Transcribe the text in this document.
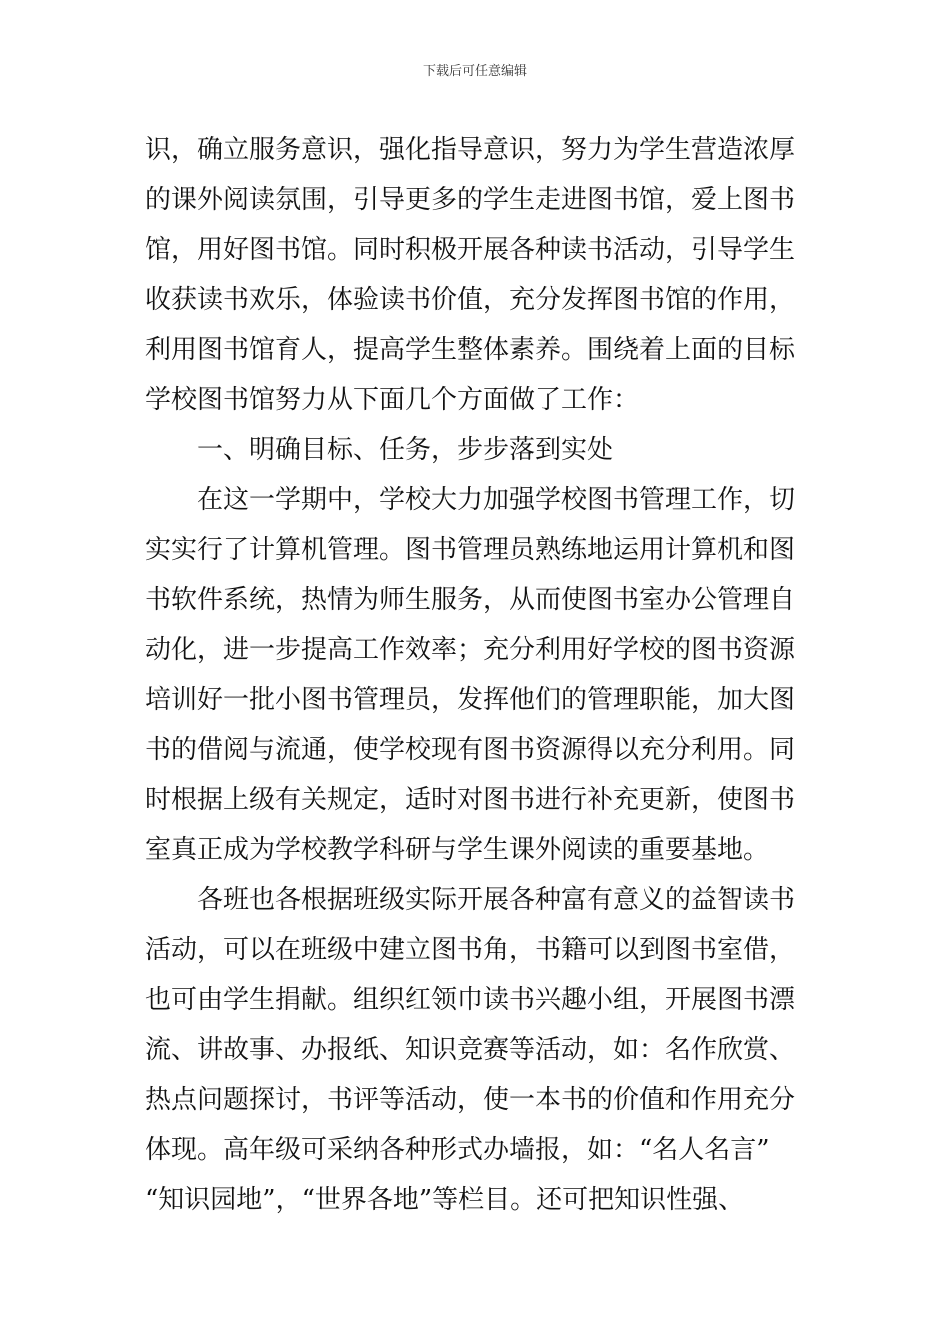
下载后可任意编辑
识，确立服务意识，强化指导意识，努力为学生营造浓厚
的课外阅读氛围，引导更多的学生走进图书馆，爱上图书
馆，用好图书馆。同时积极开展各种读书活动，引导学生
收获读书欢乐，体验读书价值，充分发挥图书馆的作用，
利用图书馆育人，提高学生整体素养。围绕着上面的目标
学校图书馆努力从下面几个方面做了工作：
一、明确目标、任务，步步落到实处
在这一学期中，学校大力加强学校图书管理工作，切
实实行了计算机管理。图书管理员熟练地运用计算机和图
书软件系统，热情为师生服务，从而使图书室办公管理自
动化，进一步提高工作效率；充分利用好学校的图书资源
培训好一批小图书管理员，发挥他们的管理职能，加大图
书的借阅与流通，使学校现有图书资源得以充分利用。同
时根据上级有关规定，适时对图书进行补充更新，使图书
室真正成为学校教学科研与学生课外阅读的重要基地。
各班也各根据班级实际开展各种富有意义的益智读书
活动，可以在班级中建立图书角，书籍可以到图书室借，
也可由学生捐献。组织红领巾读书兴趣小组，开展图书漂
流、讲故事、办报纸、知识竞赛等活动，如：名作欣赏、
热点问题探讨，书评等活动，使一本书的价值和作用充分
体现。高年级可采纳各种形式办墙报，如：“名人名言”
“知识园地”，“世界各地”等栏目。还可把知识性强、
